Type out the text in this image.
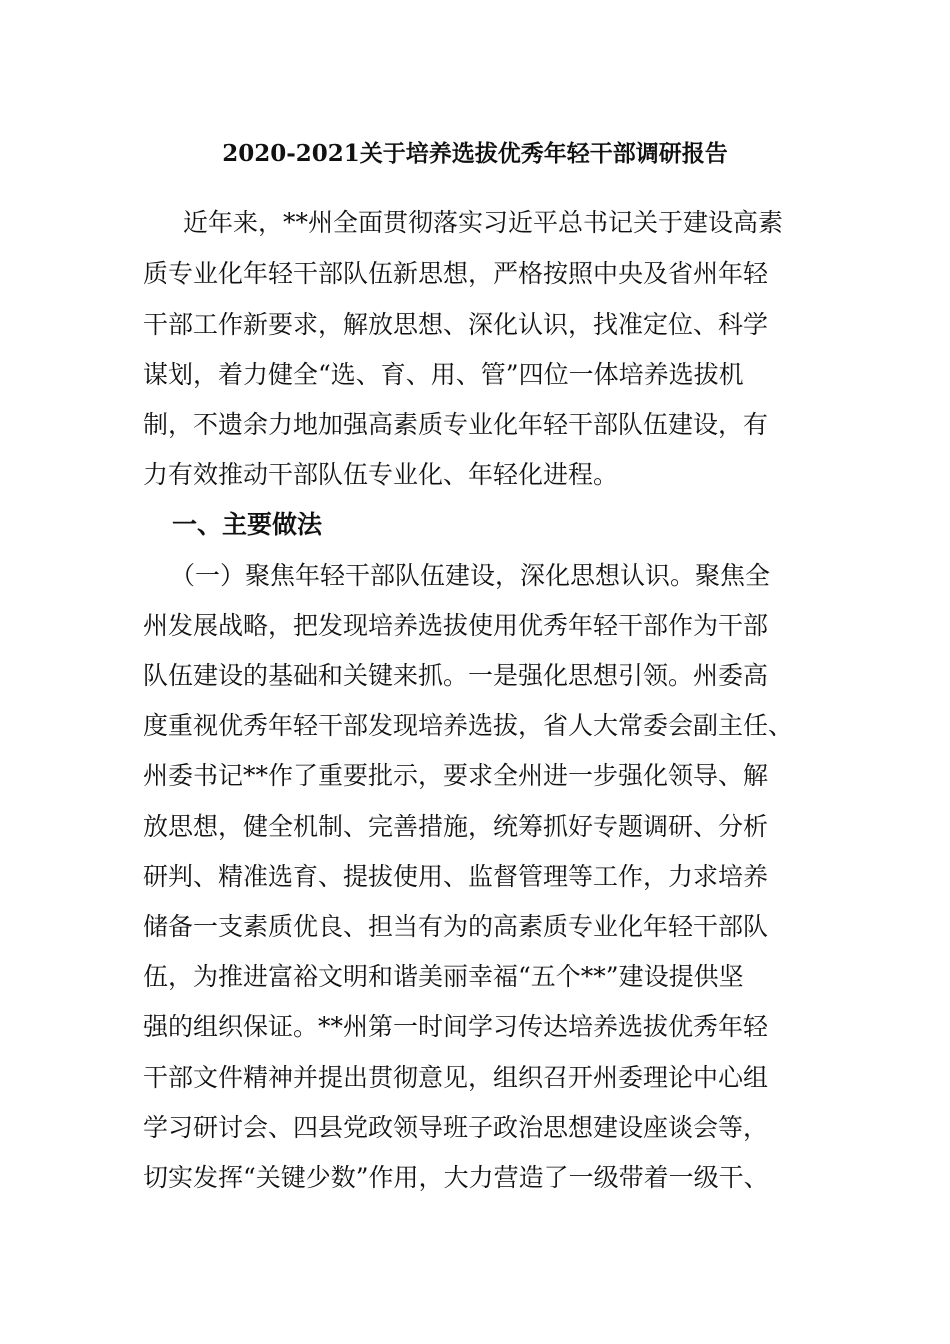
2020-2021关于培养选拔优秀年轻干部调研报告
近年来，**州全面贯彻落实习近平总书记关于建设高素
质专业化年轻干部队伍新思想，严格按照中央及省州年轻
干部工作新要求，解放思想、深化认识，找准定位、科学
谋划，着力健全“选、育、用、管”四位一体培养选拔机
制，不遗余力地加强高素质专业化年轻干部队伍建设，有
力有效推动干部队伍专业化、年轻化进程。
一、主要做法
（一）聚焦年轻干部队伍建设，深化思想认识。聚焦全
州发展战略，把发现培养选拔使用优秀年轻干部作为干部
队伍建设的基础和关键来抓。一是强化思想引领。州委高
度重视优秀年轻干部发现培养选拔，省人大常委会副主任、
州委书记**作了重要批示，要求全州进一步强化领导、解
放思想，健全机制、完善措施，统筹抓好专题调研、分析
研判、精准选育、提拔使用、监督管理等工作，力求培养
储备一支素质优良、担当有为的高素质专业化年轻干部队
伍，为推进富裕文明和谐美丽幸福“五个**”建设提供坚
强的组织保证。**州第一时间学习传达培养选拔优秀年轻
干部文件精神并提出贯彻意见，组织召开州委理论中心组
学习研讨会、四县党政领导班子政治思想建设座谈会等，
切实发挥“关键少数”作用，大力营造了一级带着一级干、
